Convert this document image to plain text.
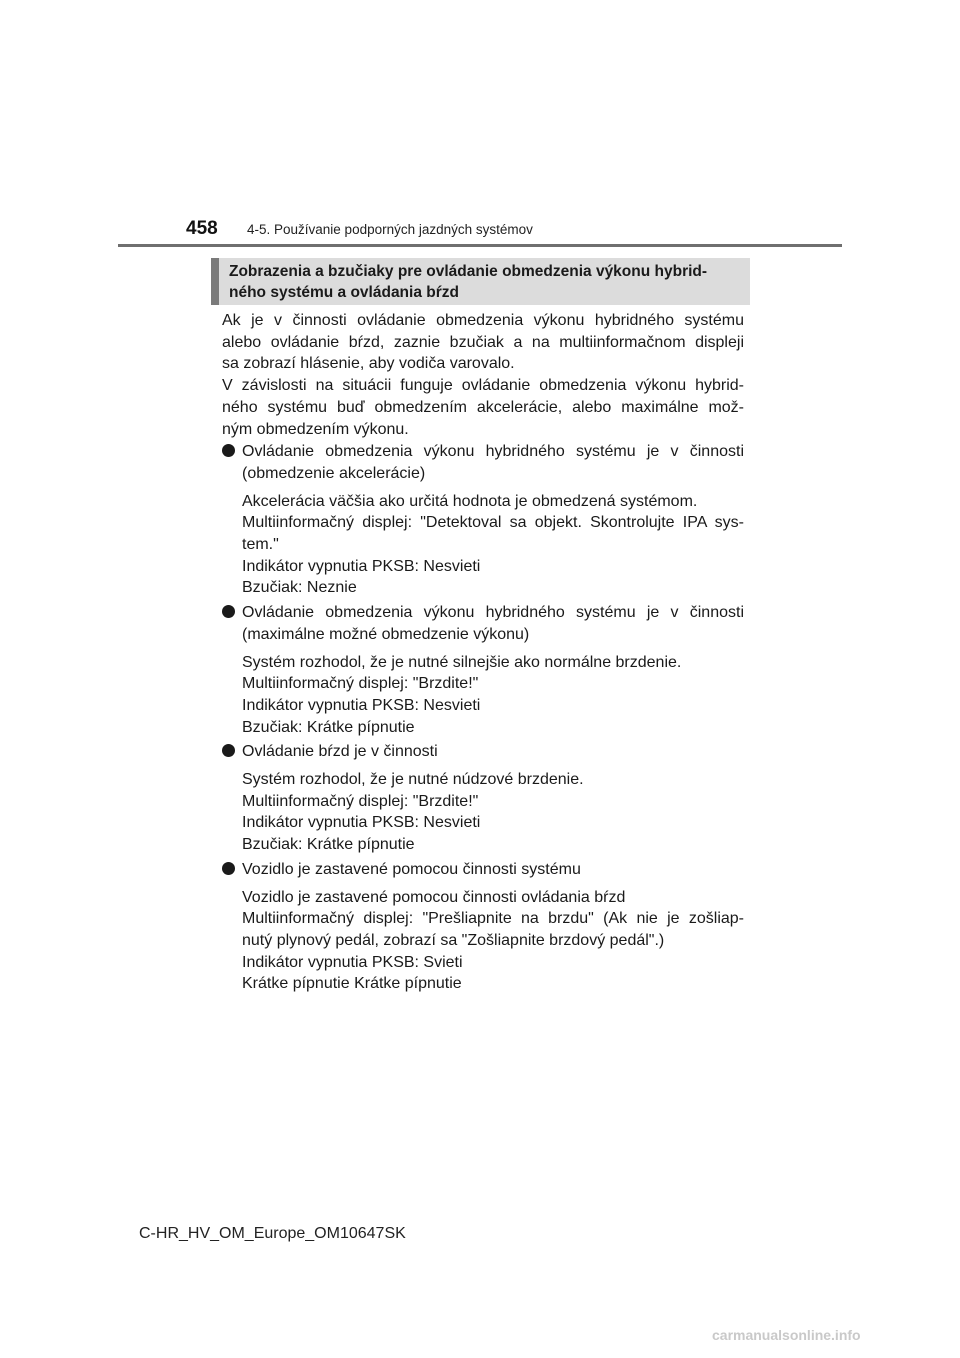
458 4-5. Používanie podporných jazdných systémov
Zobrazenia a bzučiaky pre ovládanie obmedzenia výkonu hybrid-
ného systému a ovládania bŕzd
Ak je v činnosti ovládanie obmedzenia výkonu hybridného systému
alebo ovládanie bŕzd, zaznie bzučiak a na multiinformačnom displeji
sa zobrazí hlásenie, aby vodiča varovalo.
V závislosti na situácii funguje ovládanie obmedzenia výkonu hybrid-
ného systému buď obmedzením akcelerácie, alebo maximálne mož-
ným obmedzením výkonu.
Ovládanie obmedzenia výkonu hybridného systému je v činnosti
(obmedzenie akcelerácie)
Akcelerácia väčšia ako určitá hodnota je obmedzená systémom.
Multiinformačný displej: "Detektoval sa objekt. Skontrolujte IPA sys-
tem."
Indikátor vypnutia PKSB: Nesvieti
Bzučiak: Neznie
Ovládanie obmedzenia výkonu hybridného systému je v činnosti
(maximálne možné obmedzenie výkonu)
Systém rozhodol, že je nutné silnejšie ako normálne brzdenie.
Multiinformačný displej: "Brzdite!"
Indikátor vypnutia PKSB: Nesvieti
Bzučiak: Krátke pípnutie
Ovládanie bŕzd je v činnosti
Systém rozhodol, že je nutné núdzové brzdenie.
Multiinformačný displej: "Brzdite!"
Indikátor vypnutia PKSB: Nesvieti
Bzučiak: Krátke pípnutie
Vozidlo je zastavené pomocou činnosti systému
Vozidlo je zastavené pomocou činnosti ovládania bŕzd
Multiinformačný displej: "Prešliapnite na brzdu" (Ak nie je zošliap-
nutý plynový pedál, zobrazí sa "Zošliapnite brzdový pedál".)
Indikátor vypnutia PKSB: Svieti
Krátke pípnutie Krátke pípnutie
C-HR_HV_OM_Europe_OM10647SK
carmanualsonline.info
